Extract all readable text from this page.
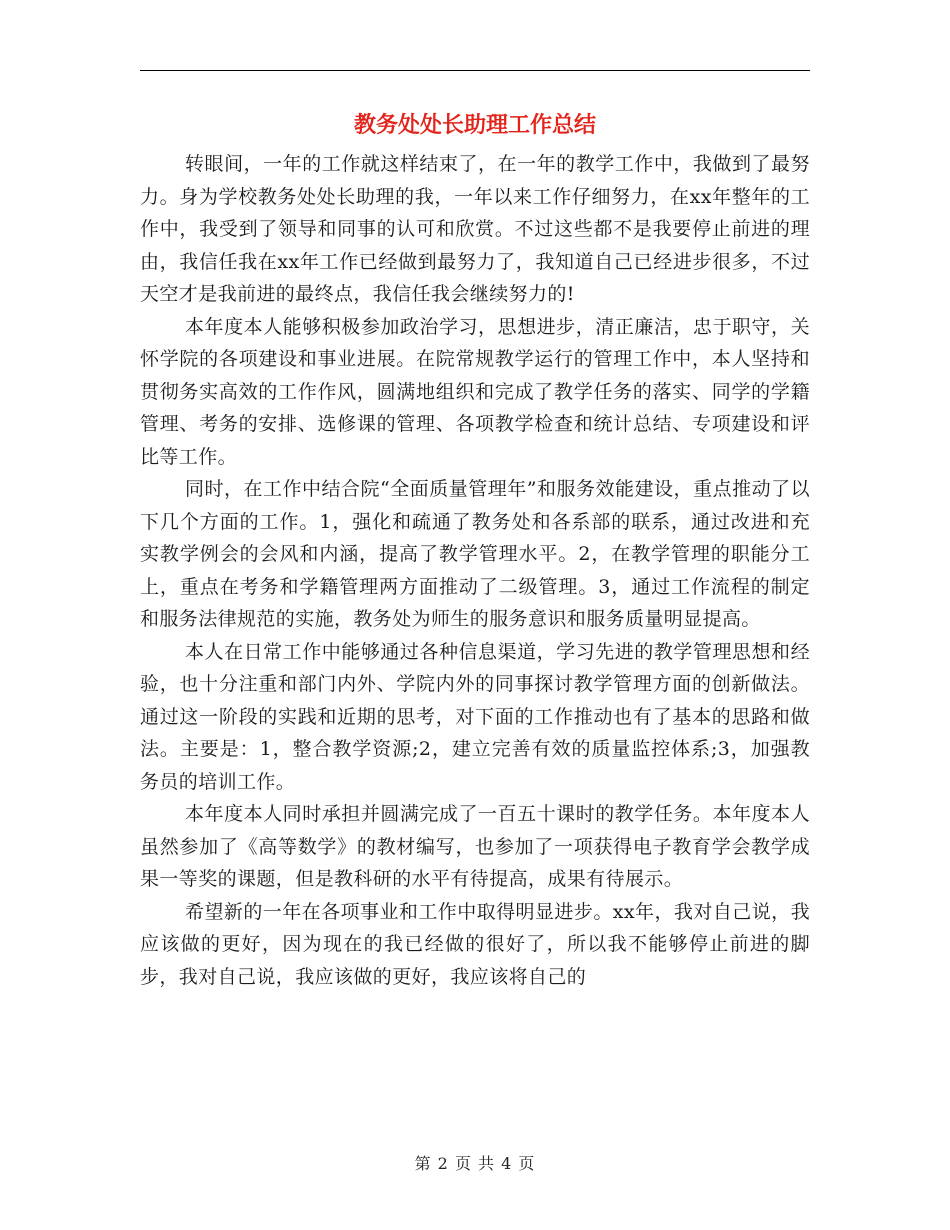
教务处处长助理工作总结

转眼间，一年的工作就这样结束了，在一年的教学工作中，我做到了最努力。身为学校教务处处长助理的我，一年以来工作仔细努力，在xx年整年的工作中，我受到了领导和同事的认可和欣赏。不过这些都不是我要停止前进的理由，我信任我在xx年工作已经做到最努力了，我知道自己已经进步很多，不过天空才是我前进的最终点，我信任我会继续努力的!

本年度本人能够积极参加政治学习，思想进步，清正廉洁，忠于职守，关怀学院的各项建设和事业进展。在院常规教学运行的管理工作中，本人坚持和贯彻务实高效的工作作风，圆满地组织和完成了教学任务的落实、同学的学籍管理、考务的安排、选修课的管理、各项教学检查和统计总结、专项建设和评比等工作。

同时，在工作中结合院“全面质量管理年”和服务效能建设，重点推动了以下几个方面的工作。1，强化和疏通了教务处和各系部的联系，通过改进和充实教学例会的会风和内涵，提高了教学管理水平。2，在教学管理的职能分工上，重点在考务和学籍管理两方面推动了二级管理。3，通过工作流程的制定和服务法律规范的实施，教务处为师生的服务意识和服务质量明显提高。

本人在日常工作中能够通过各种信息渠道，学习先进的教学管理思想和经验，也十分注重和部门内外、学院内外的同事探讨教学管理方面的创新做法。通过这一阶段的实践和近期的思考，对下面的工作推动也有了基本的思路和做法。主要是：1，整合教学资源;2，建立完善有效的质量监控体系;3，加强教务员的培训工作。

本年度本人同时承担并圆满完成了一百五十课时的教学任务。本年度本人虽然参加了《高等数学》的教材编写，也参加了一项获得电子教育学会教学成果一等奖的课题，但是教科研的水平有待提高，成果有待展示。

希望新的一年在各项事业和工作中取得明显进步。xx年，我对自己说，我应该做的更好，因为现在的我已经做的很好了，所以我不能够停止前进的脚步，我对自己说，我应该做的更好，我应该将自己的

第 2 页 共 4 页
